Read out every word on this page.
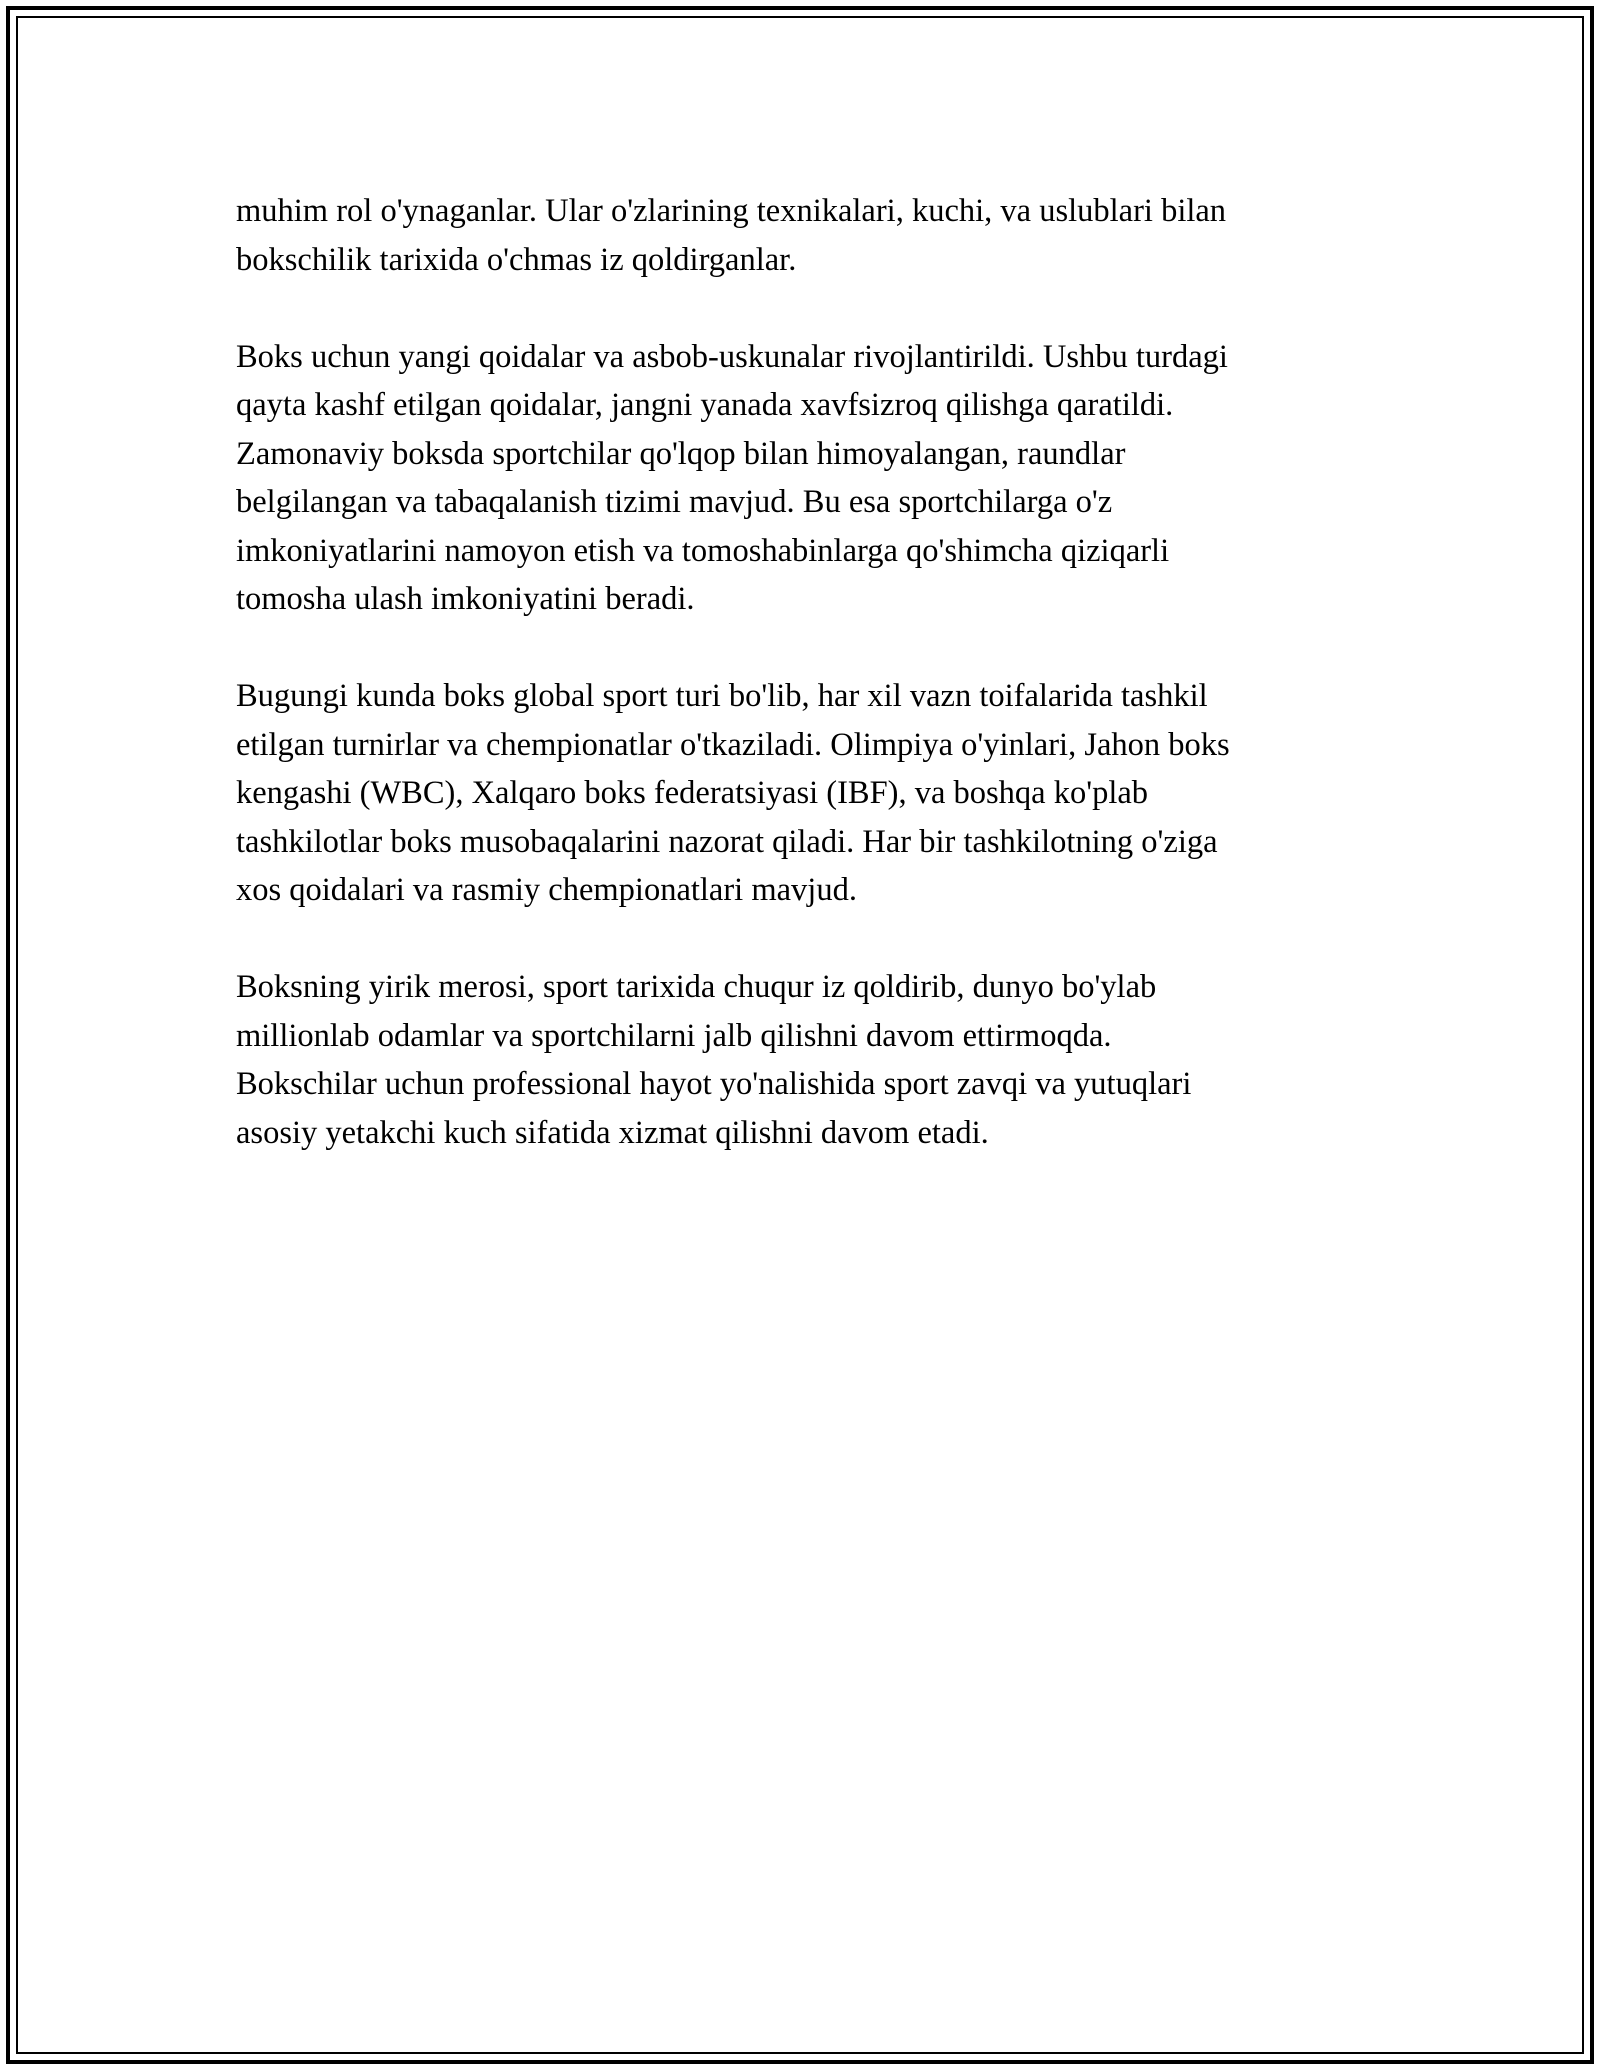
muhim rol o'ynaganlar. Ular o'zlarining texnikalari, kuchi, va uslublari bilan
bokschilik tarixida o'chmas iz qoldirganlar.

Boks uchun yangi qoidalar va asbob-uskunalar rivojlantirildi. Ushbu turdagi
qayta kashf etilgan qoidalar, jangni yanada xavfsizroq qilishga qaratildi.
Zamonaviy boksda sportchilar qo'lqop bilan himoyalangan, raundlar
belgilangan va tabaqalanish tizimi mavjud. Bu esa sportchilarga o'z
imkoniyatlarini namoyon etish va tomoshabinlarga qo'shimcha qiziqarli
tomosha ulash imkoniyatini beradi.

Bugungi kunda boks global sport turi bo'lib, har xil vazn toifalarida tashkil
etilgan turnirlar va chempionatlar o'tkaziladi. Olimpiya o'yinlari, Jahon boks
kengashi (WBC), Xalqaro boks federatsiyasi (IBF), va boshqa ko'plab
tashkilotlar boks musobaqalarini nazorat qiladi. Har bir tashkilotning o'ziga
xos qoidalari va rasmiy chempionatlari mavjud.

Boksning yirik merosi, sport tarixida chuqur iz qoldirib, dunyo bo'ylab
millionlab odamlar va sportchilarni jalb qilishni davom ettirmoqda.
Bokschilar uchun professional hayot yo'nalishida sport zavqi va yutuqlari
asosiy yetakchi kuch sifatida xizmat qilishni davom etadi.
